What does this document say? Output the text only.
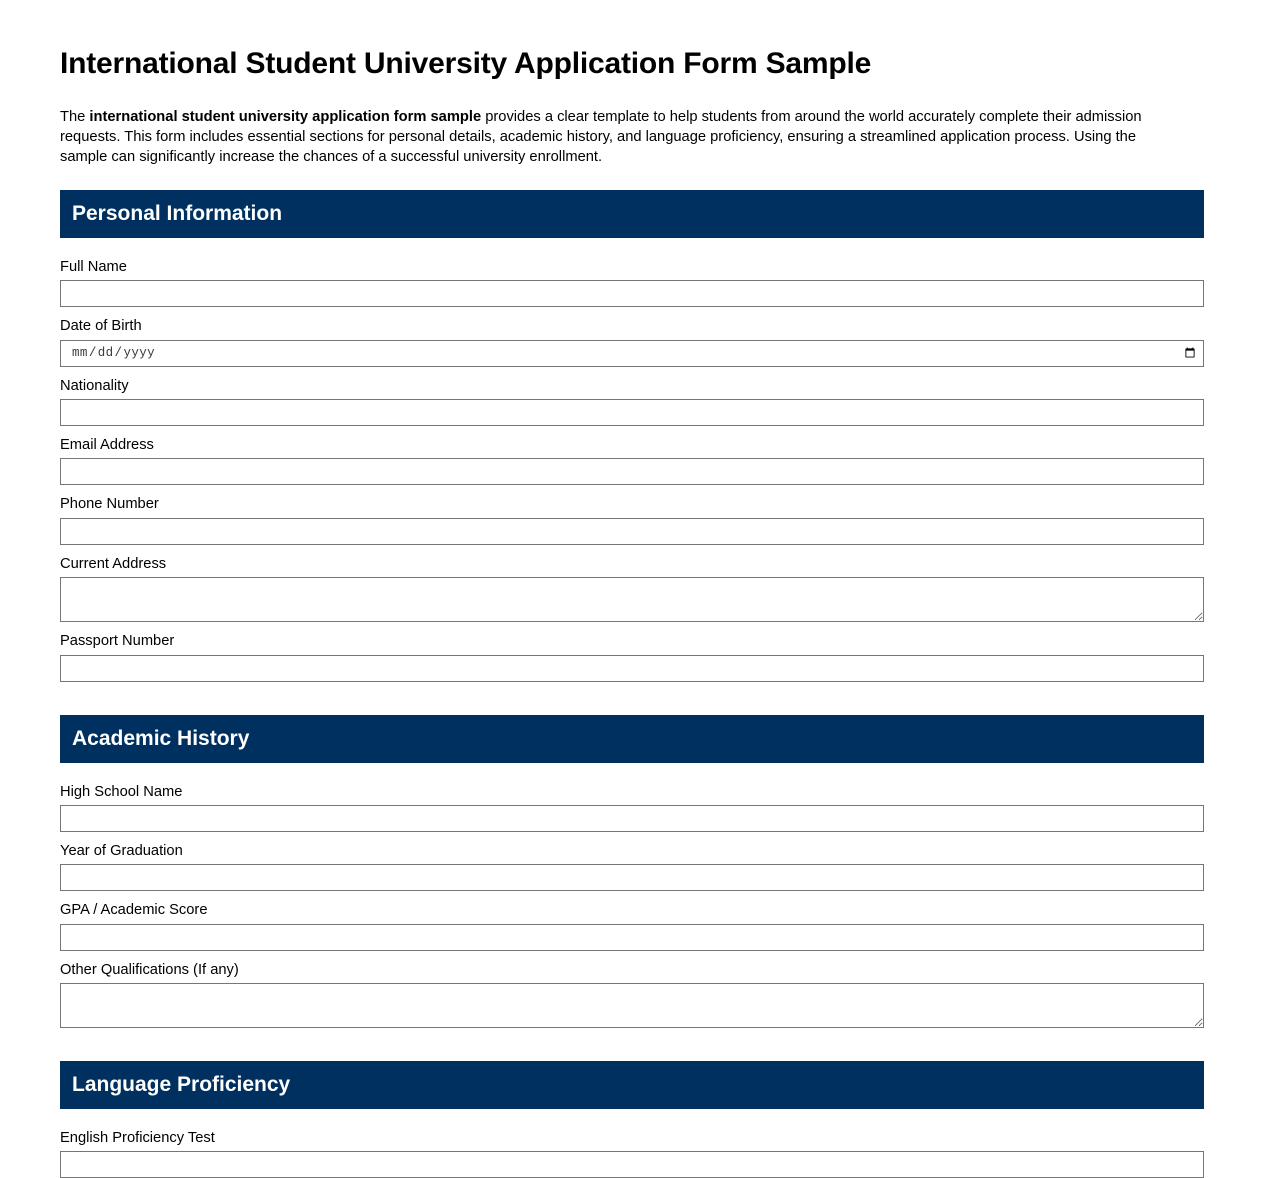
International Student University Application Form Sample

The international student university application form sample provides a clear template to help students from around the world accurately complete their admission requests. This form includes essential sections for personal details, academic history, and language proficiency, ensuring a streamlined application process. Using the sample can significantly increase the chances of a successful university enrollment.

Personal Information
Full Name
Date of Birth
mm/dd/yyyy
Nationality
Email Address
Phone Number
Current Address
Passport Number
Academic History
High School Name
Year of Graduation
GPA / Academic Score
Other Qualifications (If any)
Language Proficiency
English Proficiency Test
